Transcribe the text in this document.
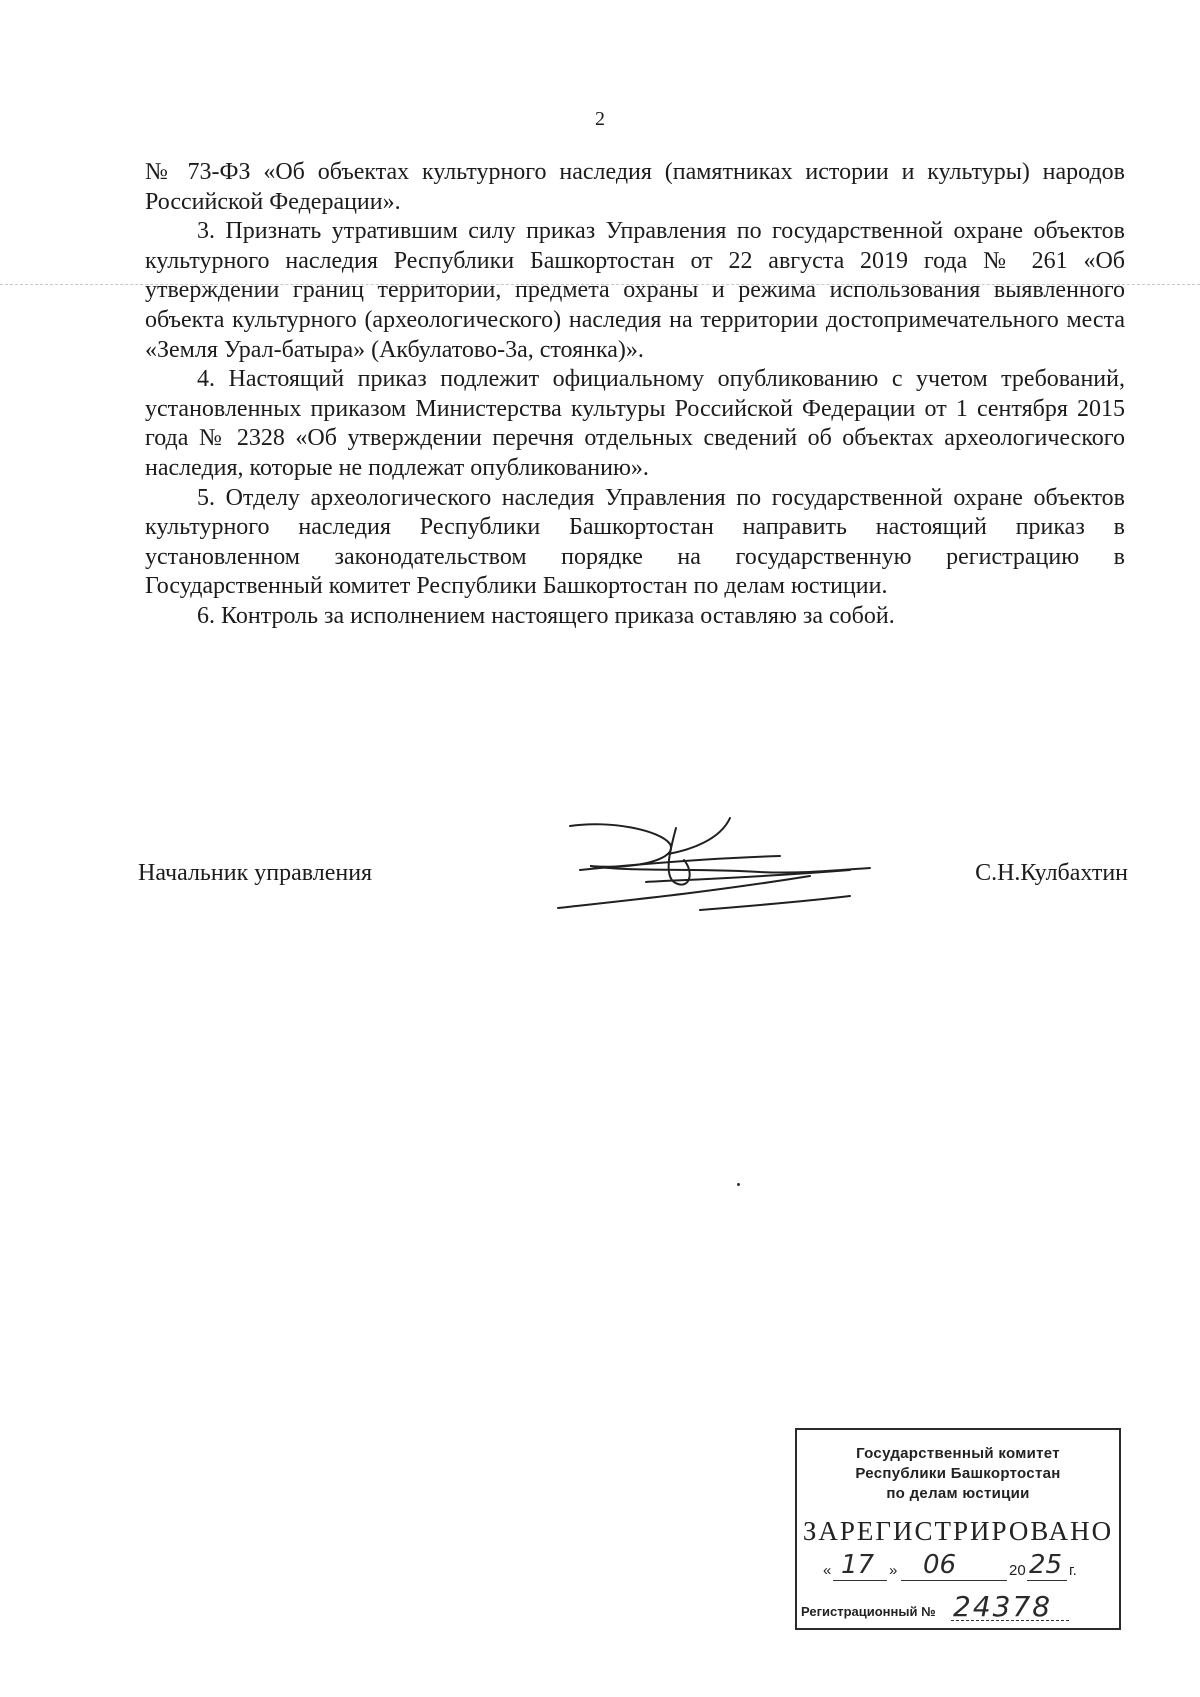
2

№ 73-ФЗ «Об объектах культурного наследия (памятниках истории и культуры) народов Российской Федерации».

3. Признать утратившим силу приказ Управления по государственной охране объектов культурного наследия Республики Башкортостан от 22 августа 2019 года № 261 «Об утверждении границ территории, предмета охраны и режима использования выявленного объекта культурного (археологического) наследия на территории достопримечательного места «Земля Урал-батыра» (Акбулатово-3а, стоянка)».

4. Настоящий приказ подлежит официальному опубликованию с учетом требований, установленных приказом Министерства культуры Российской Федерации от 1 сентября 2015 года № 2328 «Об утверждении перечня отдельных сведений об объектах археологического наследия, которые не подлежат опубликованию».

5. Отделу археологического наследия Управления по государственной охране объектов культурного наследия Республики Башкортостан направить настоящий приказ в установленном законодательством порядке на государственную регистрацию в Государственный комитет Республики Башкортостан по делам юстиции.

6. Контроль за исполнением настоящего приказа оставляю за собой.

Начальник управления	С.Н.Кулбахтин
Государственный комитет
Республики Башкортостан
по делам юстиции
ЗАРЕГИСТРИРОВАНО
« 17 » 06	20 25 г.
Регистрационный № 24378
